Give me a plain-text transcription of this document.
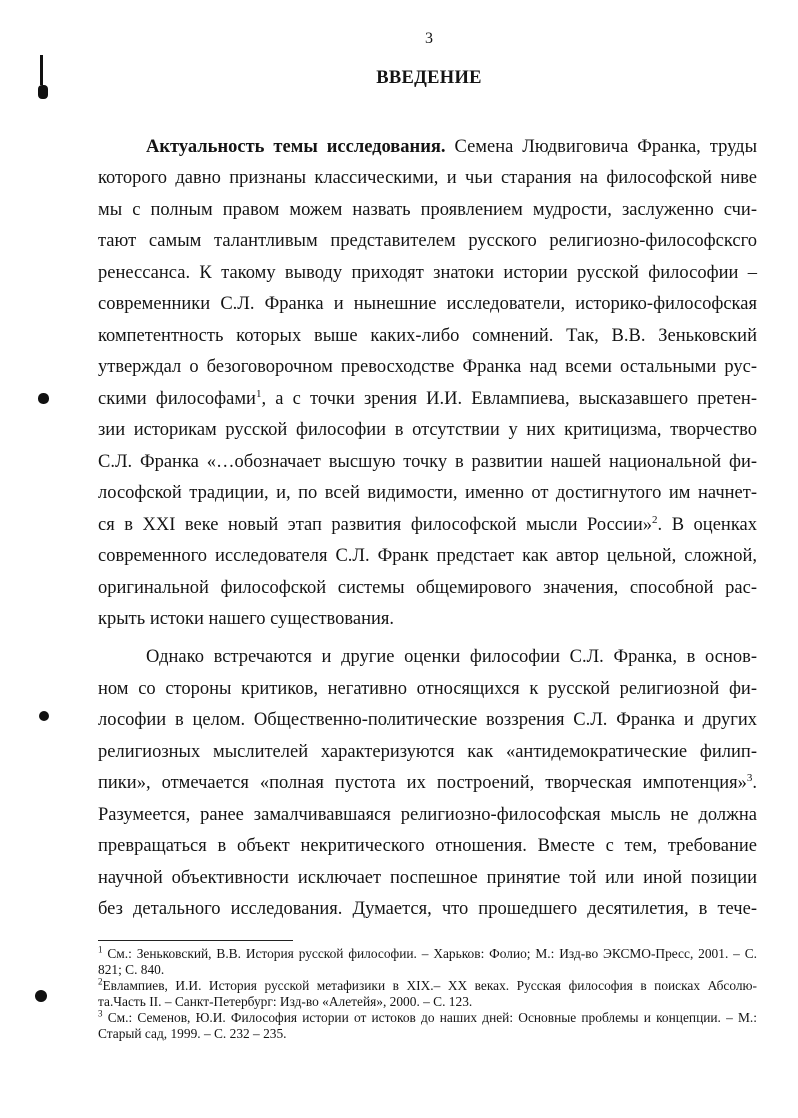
3
ВВЕДЕНИЕ
Актуальность темы исследования. Семена Людвиговича Франка, труды
которого давно признаны классическими, и чьи старания на философской ниве
мы с полным правом можем назвать проявлением мудрости, заслуженно счи-
тают самым талантливым представителем русского религиозно-философсксго
ренессанса. К такому выводу приходят знатоки истории русской философии –
современники С.Л. Франка и нынешние исследователи, историко-философская
компетентность которых выше каких-либо сомнений. Так, В.В. Зеньковский
утверждал о безоговорочном превосходстве Франка над всеми остальными рус-
скими философами$^1$, а с точки зрения И.И. Евлампиева, высказавшего претен-
зии историкам русской философии в отсутствии у них критицизма, творчество
С.Л. Франка «…обозначает высшую точку в развитии нашей национальной фи-
лософской традиции, и, по всей видимости, именно от достигнутого им начнет-
ся в XXI веке новый этап развития философской мысли России»$^2$. В оценках
современного исследователя С.Л. Франк предстает как автор цельной, сложной,
оригинальной философской системы общемирового значения, способной рас-
крыть истоки нашего существования.
Однако встречаются и другие оценки философии С.Л. Франка, в основ-
ном со стороны критиков, негативно относящихся к русской религиозной фи-
лософии в целом. Общественно-политические воззрения С.Л. Франка и других
религиозных мыслителей характеризуются как «антидемократические филип-
пики», отмечается «полная пустота их построений, творческая импотенция»$^3$.
Разумеется, ранее замалчивавшаяся религиозно-философская мысль не должна
превращаться в объект некритического отношения. Вместе с тем, требование
научной объективности исключает поспешное принятие той или иной позиции
без детального исследования. Думается, что прошедшего десятилетия, в тече-
$^1$ См.: Зеньковский, В.В. История русской философии. – Харьков: Фолио; М.: Изд-во ЭКСМО-Пресс, 2001. – С.
821; С. 840.
$^2$Евлампиев, И.И. История русской метафизики в XIX.– XX веках. Русская философия в поисках Абсолю-
та.Часть II. – Санкт-Петербург: Изд-во «Алетейя», 2000. – С. 123.
$^3$ См.: Семенов, Ю.И. Философия истории от истоков до наших дней: Основные проблемы и концепции. – М.:
Старый сад, 1999. – С. 232 – 235.
